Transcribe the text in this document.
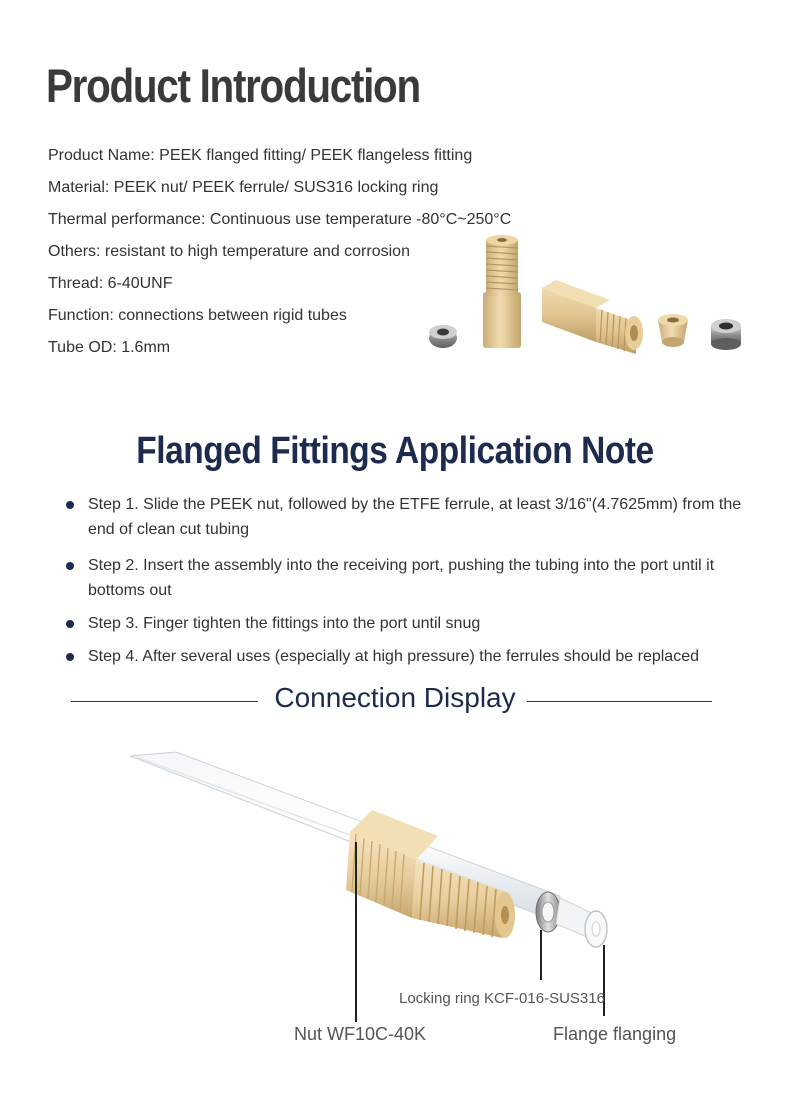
Product Introduction
Product Name: PEEK flanged fitting/ PEEK flangeless fitting
Material: PEEK nut/ PEEK ferrule/ SUS316 locking ring
Thermal performance: Continuous use temperature -80°C~250°C
Others: resistant to high temperature and corrosion
Thread: 6-40UNF
Function: connections between rigid tubes
Tube OD: 1.6mm
Flanged Fittings Application Note
Step 1. Slide the PEEK nut, followed by the ETFE ferrule, at least 3/16"(4.7625mm) from the end of clean cut tubing
Step 2. Insert the assembly into the receiving port, pushing the tubing into the port until it bottoms out
Step 3. Finger tighten the fittings into the port until snug
Step 4. After several uses (especially at high pressure) the ferrules should be replaced
Connection Display
Locking ring KCF-016-SUS316
Nut WF10C-40K	Flange flanging
